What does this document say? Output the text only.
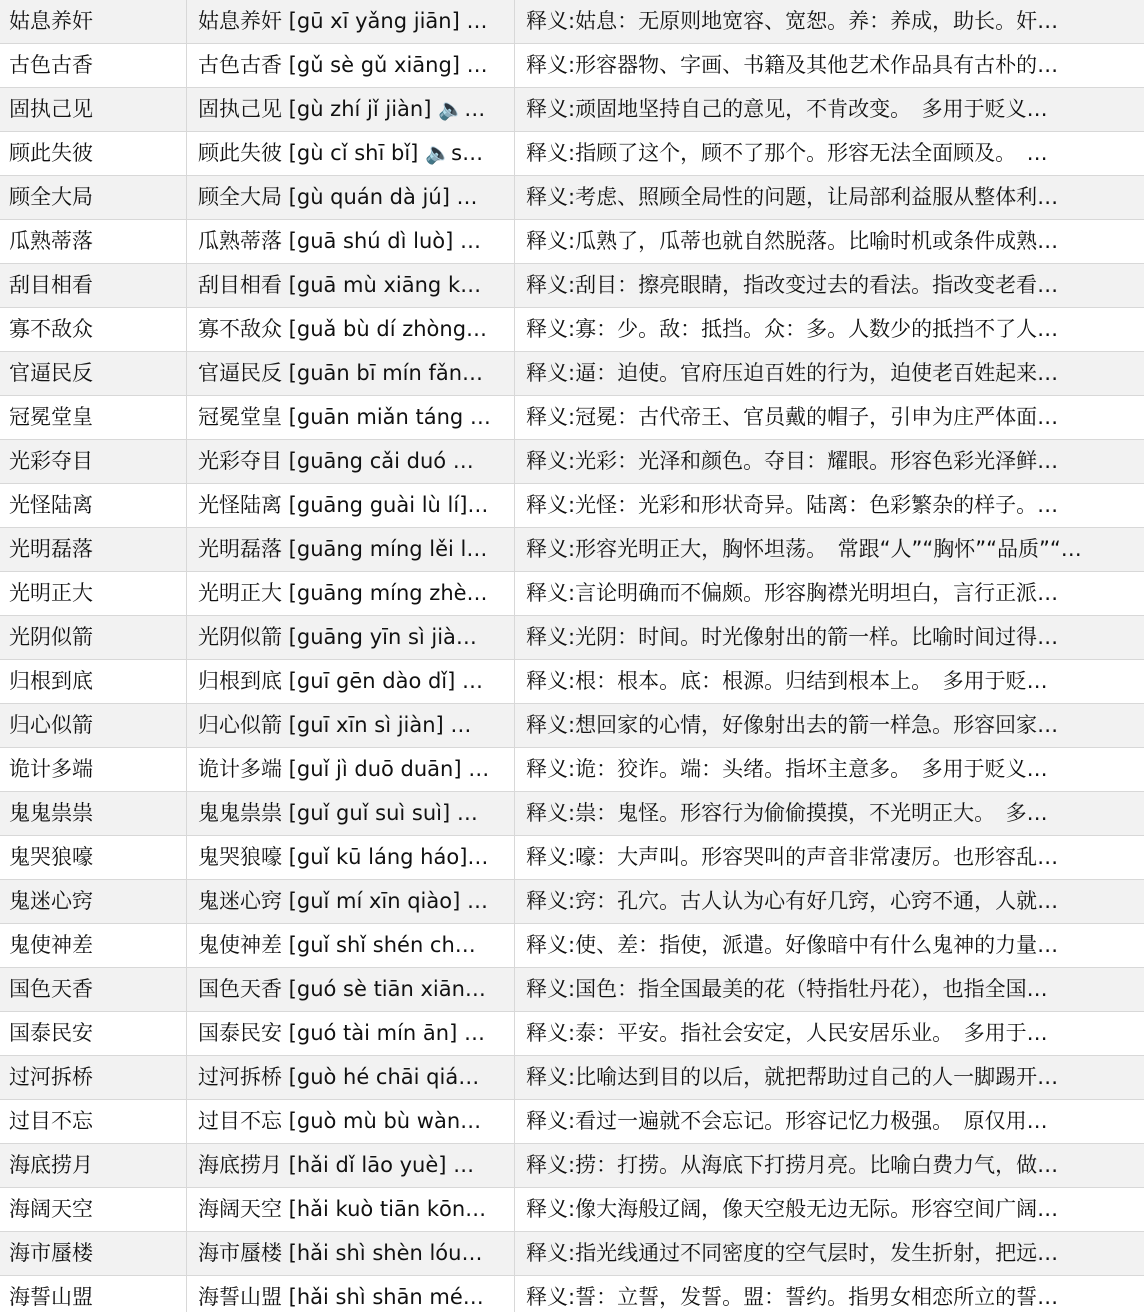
姑息养奸	姑息养奸 [gū xī yǎng jiān] …	释义:姑息：无原则地宽容、宽恕。养：养成，助长。奸…
古色古香	古色古香 [gǔ sè gǔ xiāng] …	释义:形容器物、字画、书籍及其他艺术作品具有古朴的…
固执己见	固执己见 [gù zhí jǐ jiàn] 🔈…	释义:顽固地坚持自己的意见，不肯改变。　多用于贬义…
顾此失彼	顾此失彼 [gù cǐ shī bǐ] 🔈s…	释义:指顾了这个，顾不了那个。形容无法全面顾及。　…
顾全大局	顾全大局 [gù quán dà jú] …	释义:考虑、照顾全局性的问题，让局部利益服从整体利…
瓜熟蒂落	瓜熟蒂落 [guā shú dì luò] …	释义:瓜熟了，瓜蒂也就自然脱落。比喻时机或条件成熟…
刮目相看	刮目相看 [guā mù xiāng k…	释义:刮目：擦亮眼睛，指改变过去的看法。指改变老看…
寡不敌众	寡不敌众 [guǎ bù dí zhòng…	释义:寡：少。敌：抵挡。众：多。人数少的抵挡不了人…
官逼民反	官逼民反 [guān bī mín fǎn…	释义:逼：迫使。官府压迫百姓的行为，迫使老百姓起来…
冠冕堂皇	冠冕堂皇 [guān miǎn táng …	释义:冠冕：古代帝王、官员戴的帽子，引申为庄严体面…
光彩夺目	光彩夺目 [guāng cǎi duó …	释义:光彩：光泽和颜色。夺目：耀眼。形容色彩光泽鲜…
光怪陆离	光怪陆离 [guāng guài lù lí]…	释义:光怪：光彩和形状奇异。陆离：色彩繁杂的样子。…
光明磊落	光明磊落 [guāng míng lěi l…	释义:形容光明正大，胸怀坦荡。　常跟“人”“胸怀”“品质”“…
光明正大	光明正大 [guāng míng zhè…	释义:言论明确而不偏颇。形容胸襟光明坦白，言行正派…
光阴似箭	光阴似箭 [guāng yīn sì jià…	释义:光阴：时间。时光像射出的箭一样。比喻时间过得…
归根到底	归根到底 [guī gēn dào dǐ] …	释义:根：根本。底：根源。归结到根本上。　多用于贬…
归心似箭	归心似箭 [guī xīn sì jiàn] …	释义:想回家的心情，好像射出去的箭一样急。形容回家…
诡计多端	诡计多端 [guǐ jì duō duān] …	释义:诡：狡诈。端：头绪。指坏主意多。　多用于贬义…
鬼鬼祟祟	鬼鬼祟祟 [guǐ guǐ suì suì] …	释义:祟：鬼怪。形容行为偷偷摸摸，不光明正大。　多…
鬼哭狼嚎	鬼哭狼嚎 [guǐ kū láng háo]…	释义:嚎：大声叫。形容哭叫的声音非常凄厉。也形容乱…
鬼迷心窍	鬼迷心窍 [guǐ mí xīn qiào] …	释义:窍：孔穴。古人认为心有好几窍，心窍不通，人就…
鬼使神差	鬼使神差 [guǐ shǐ shén ch…	释义:使、差：指使，派遣。好像暗中有什么鬼神的力量…
国色天香	国色天香 [guó sè tiān xiān…	释义:国色：指全国最美的花（特指牡丹花），也指全国…
国泰民安	国泰民安 [guó tài mín ān] …	释义:泰：平安。指社会安定，人民安居乐业。　多用于…
过河拆桥	过河拆桥 [guò hé chāi qiá…	释义:比喻达到目的以后，就把帮助过自己的人一脚踢开…
过目不忘	过目不忘 [guò mù bù wàn…	释义:看过一遍就不会忘记。形容记忆力极强。　原仅用…
海底捞月	海底捞月 [hǎi dǐ lāo yuè] …	释义:捞：打捞。从海底下打捞月亮。比喻白费力气，做…
海阔天空	海阔天空 [hǎi kuò tiān kōn…	释义:像大海般辽阔，像天空般无边无际。形容空间广阔…
海市蜃楼	海市蜃楼 [hǎi shì shèn lóu…	释义:指光线通过不同密度的空气层时，发生折射，把远…
海誓山盟	海誓山盟 [hǎi shì shān mé…	释义:誓：立誓，发誓。盟：誓约。指男女相恋所立的誓…
